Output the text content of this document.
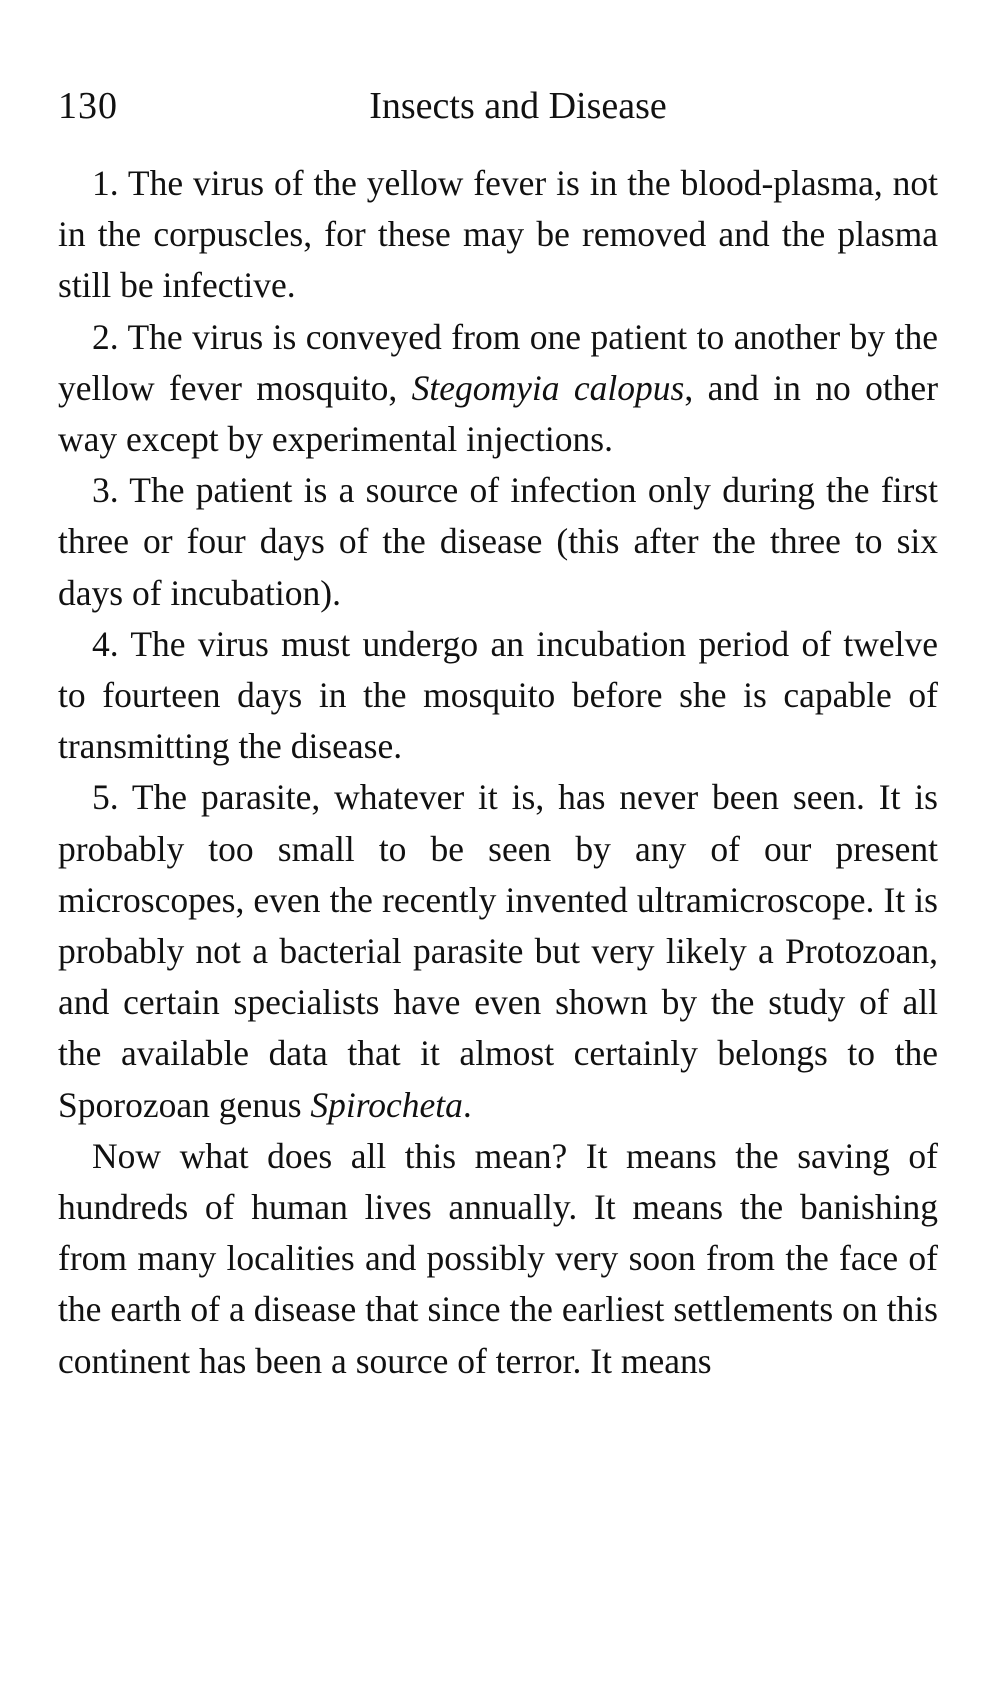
130	Insects and Disease

1. The virus of the yellow fever is in the blood-plasma, not in the corpuscles, for these may be removed and the plasma still be infective.

2. The virus is conveyed from one patient to another by the yellow fever mosquito, Stegomyia calopus, and in no other way except by experimental injections.

3. The patient is a source of infection only during the first three or four days of the disease (this after the three to six days of incubation).

4. The virus must undergo an incubation period of twelve to fourteen days in the mosquito before she is capable of transmitting the disease.

5. The parasite, whatever it is, has never been seen. It is probably too small to be seen by any of our present microscopes, even the recently invented ultramicroscope. It is probably not a bacterial parasite but very likely a Protozoan, and certain specialists have even shown by the study of all the available data that it almost certainly belongs to the Sporozoan genus Spirocheta.

Now what does all this mean? It means the saving of hundreds of human lives annually. It means the banishing from many localities and possibly very soon from the face of the earth of a disease that since the earliest settlements on this continent has been a source of terror. It means
